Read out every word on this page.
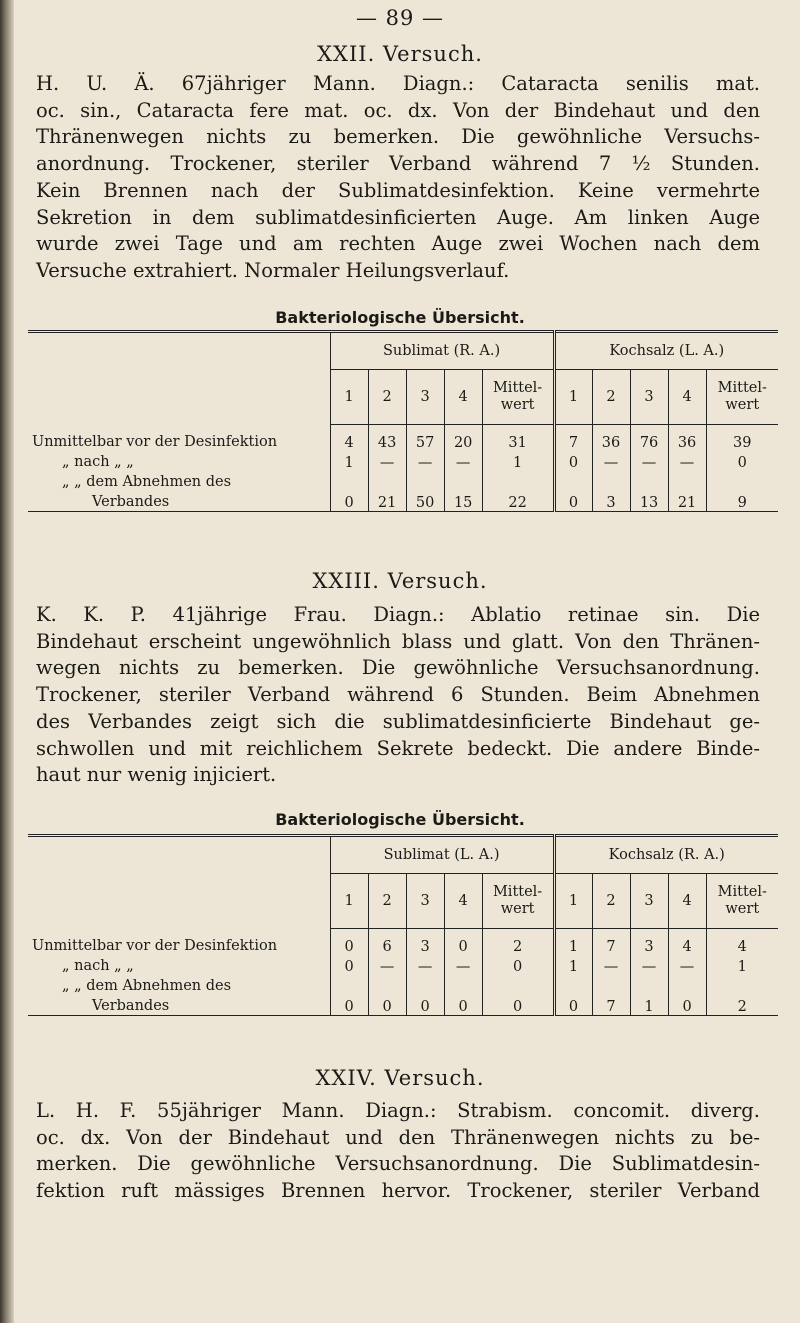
— 89 —
XXII. Versuch.
H. U. Ä. 67jähriger Mann. Diagn.: Cataracta senilis mat.
oc. sin., Cataracta fere mat. oc. dx. Von der Bindehaut und den
Thränenwegen nichts zu bemerken. Die gewöhnliche Versuchs-
anordnung. Trockener, steriler Verband während 7 ½ Stunden.
Kein Brennen nach der Sublimatdesinfektion. Keine vermehrte
Sekretion in dem sublimatdesinficierten Auge. Am linken Auge
wurde zwei Tage und am rechten Auge zwei Wochen nach dem
Versuche extrahiert. Normaler Heilungsverlauf.
Bakteriologische Übersicht.
	Sublimat (R. A.)					Kochsalz (L. A.)				
	1	2	3	4	Mittel-
wert	1	2	3	4	Mittel-
wert
Unmittelbar vor der Desinfektion	4	43	57	20	31	7	36	76	36	39
„ nach „ „	1	—	—	—	1	0	—	—	—	0
„ „ dem Abnehmen des										
Verbandes	0	21	50	15	22	0	3	13	21	9
XXIII. Versuch.
K. K. P. 41jährige Frau. Diagn.: Ablatio retinae sin. Die
Bindehaut erscheint ungewöhnlich blass und glatt. Von den Thränen-
wegen nichts zu bemerken. Die gewöhnliche Versuchsanordnung.
Trockener, steriler Verband während 6 Stunden. Beim Abnehmen
des Verbandes zeigt sich die sublimatdesinficierte Bindehaut ge-
schwollen und mit reichlichem Sekrete bedeckt. Die andere Binde-
haut nur wenig injiciert.
Bakteriologische Übersicht.
	Sublimat (L. A.)					Kochsalz (R. A.)				
	1	2	3	4	Mittel-
wert	1	2	3	4	Mittel-
wert
Unmittelbar vor der Desinfektion	0	6	3	0	2	1	7	3	4	4
„ nach „ „	0	—	—	—	0	1	—	—	—	1
„ „ dem Abnehmen des										
Verbandes	0	0	0	0	0	0	7	1	0	2
XXIV. Versuch.
L. H. F. 55jähriger Mann. Diagn.: Strabism. concomit. diverg.
oc. dx. Von der Bindehaut und den Thränenwegen nichts zu be-
merken. Die gewöhnliche Versuchsanordnung. Die Sublimatdesin-
fektion ruft mässiges Brennen hervor. Trockener, steriler Verband
